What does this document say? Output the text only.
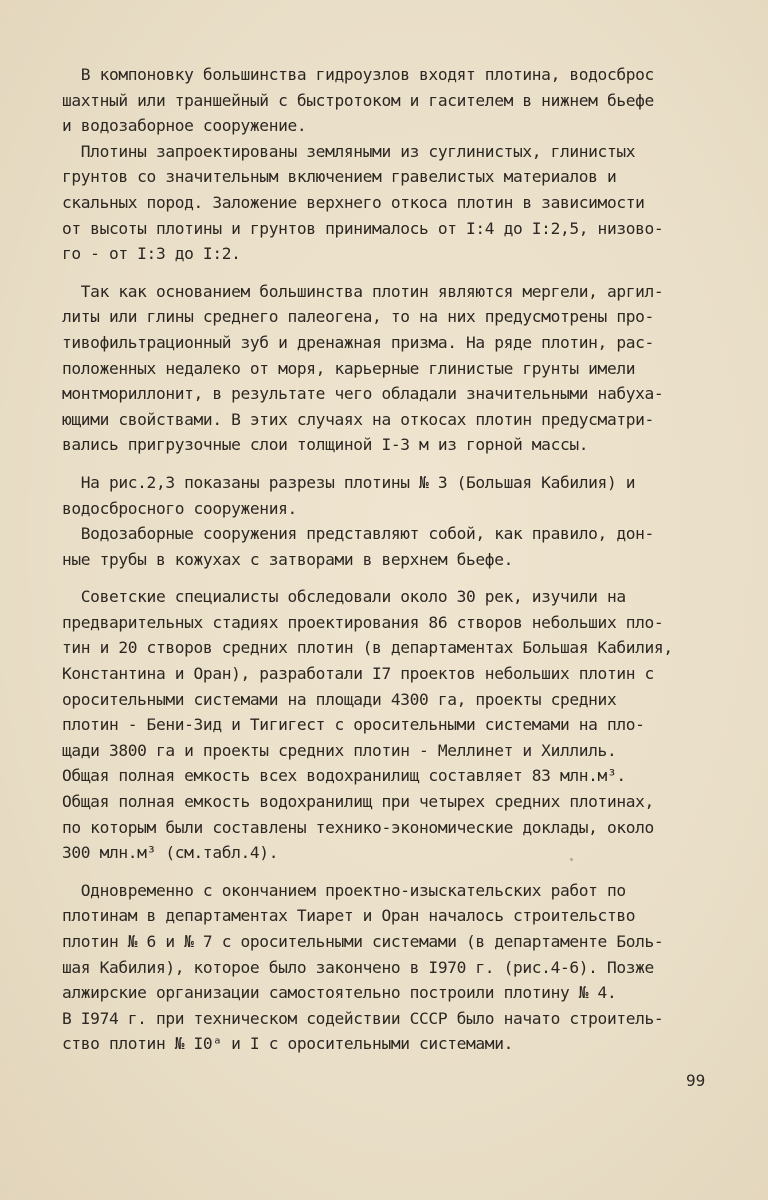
В компоновку большинства гидроузлов входят плотина, водосброс
шахтный или траншейный с быстротоком и гасителем в нижнем бьефе
и водозаборное сооружение.
Плотины запроектированы земляными из суглинистых, глинистых
грунтов со значительным включением гравелистых материалов и
скальных пород. Заложение верхнего откоса плотин в зависимости
от высоты плотины и грунтов принималось от I:4 до I:2,5, низово-
го - от I:3 до I:2.
Так как основанием большинства плотин являются мергели, аргил-
литы или глины среднего палеогена, то на них предусмотрены про-
тивофильтрационный зуб и дренажная призма. На ряде плотин, рас-
положенных недалеко от моря, карьерные глинистые грунты имели
монтмориллонит, в результате чего обладали значительными набуха-
ющими свойствами. В этих случаях на откосах плотин предусматри-
вались пригрузочные слои толщиной I-3 м из горной массы.
На рис.2,3 показаны разрезы плотины № 3 (Большая Кабилия) и
водосбросного сооружения.
Водозаборные сооружения представляют собой, как правило, дон-
ные трубы в кожухах с затворами в верхнем бьефе.
Советские специалисты обследовали около 30 рек, изучили на
предварительных стадиях проектирования 86 створов небольших пло-
тин и 20 створов средних плотин (в департаментах Большая Кабилия,
Константина и Оран), разработали I7 проектов небольших плотин с
оросительными системами на площади 4300 га, проекты средних
плотин - Бени-Зид и Тигигест с оросительными системами на пло-
щади 3800 га и проекты средних плотин - Меллинет и Хиллиль.
Общая полная емкость всех водохранилищ составляет 83 млн.м³.
Общая полная емкость водохранилищ при четырех средних плотинах,
по которым были составлены технико-экономические доклады, около
300 млн.м³ (см.табл.4).
Одновременно с окончанием проектно-изыскательских работ по
плотинам в департаментах Тиарет и Оран началось строительство
плотин № 6 и № 7 с оросительными системами (в департаменте Боль-
шая Кабилия), которое было закончено в I970 г. (рис.4-6). Позже
алжирские организации самостоятельно построили плотину № 4.
В I974 г. при техническом содействии СССР было начато строитель-
ство плотин № I0ᵃ и I с оросительными системами.
99
